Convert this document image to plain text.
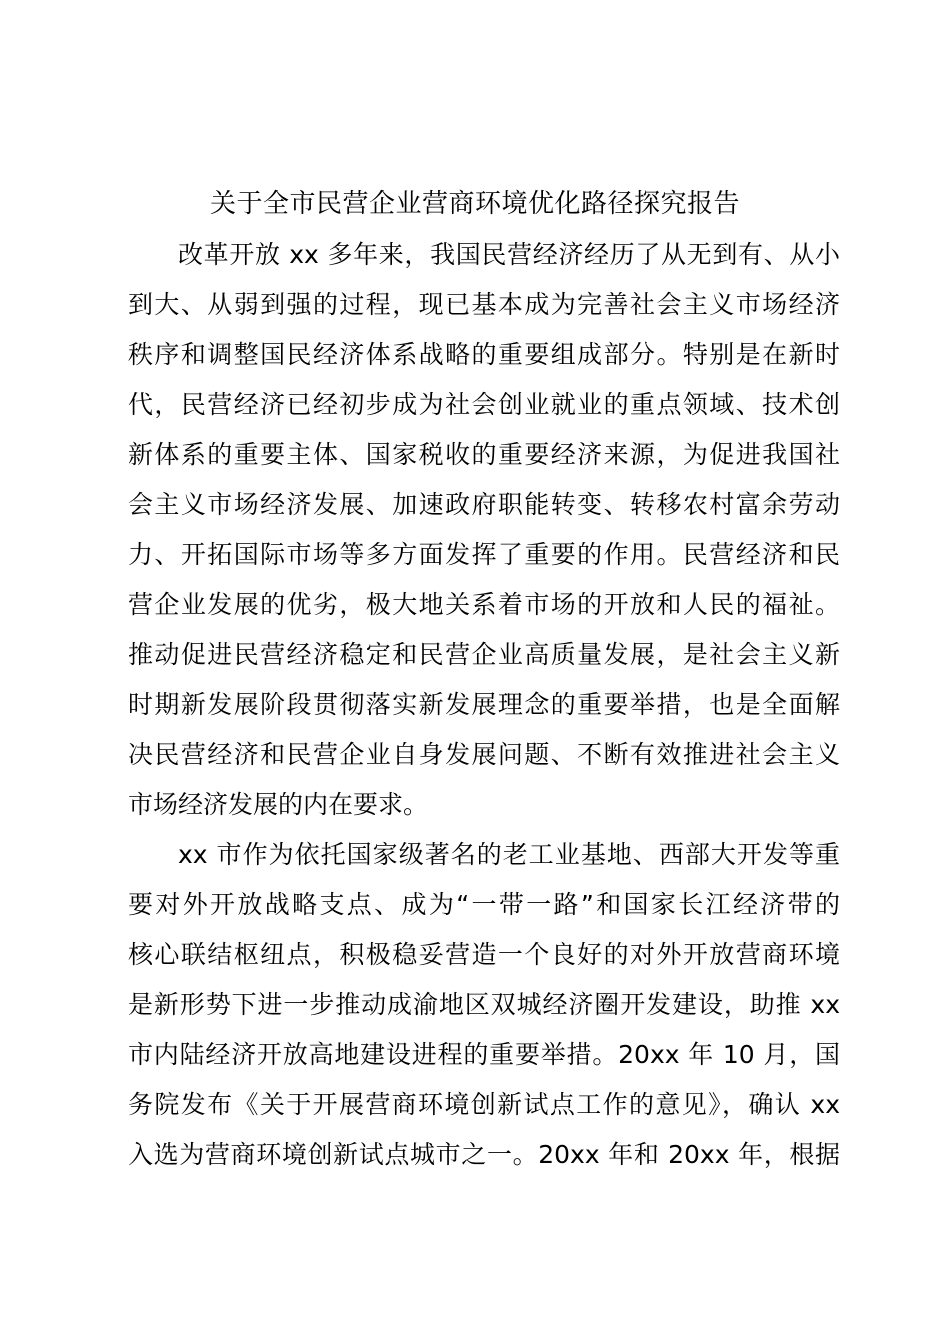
关于全市民营企业营商环境优化路径探究报告
改革开放 xx 多年来，我国民营经济经历了从无到有、从小
到大、从弱到强的过程，现已基本成为完善社会主义市场经济
秩序和调整国民经济体系战略的重要组成部分。特别是在新时
代，民营经济已经初步成为社会创业就业的重点领域、技术创
新体系的重要主体、国家税收的重要经济来源，为促进我国社
会主义市场经济发展、加速政府职能转变、转移农村富余劳动
力、开拓国际市场等多方面发挥了重要的作用。民营经济和民
营企业发展的优劣，极大地关系着市场的开放和人民的福祉。
推动促进民营经济稳定和民营企业高质量发展，是社会主义新
时期新发展阶段贯彻落实新发展理念的重要举措，也是全面解
决民营经济和民营企业自身发展问题、不断有效推进社会主义
市场经济发展的内在要求。
xx 市作为依托国家级著名的老工业基地、西部大开发等重
要对外开放战略支点、成为“一带一路”和国家长江经济带的
核心联结枢纽点，积极稳妥营造一个良好的对外开放营商环境
是新形势下进一步推动成渝地区双城经济圈开发建设，助推 xx
市内陆经济开放高地建设进程的重要举措。20xx 年 10 月，国
务院发布《关于开展营商环境创新试点工作的意见》，确认 xx
入选为营商环境创新试点城市之一。20xx 年和 20xx 年，根据
